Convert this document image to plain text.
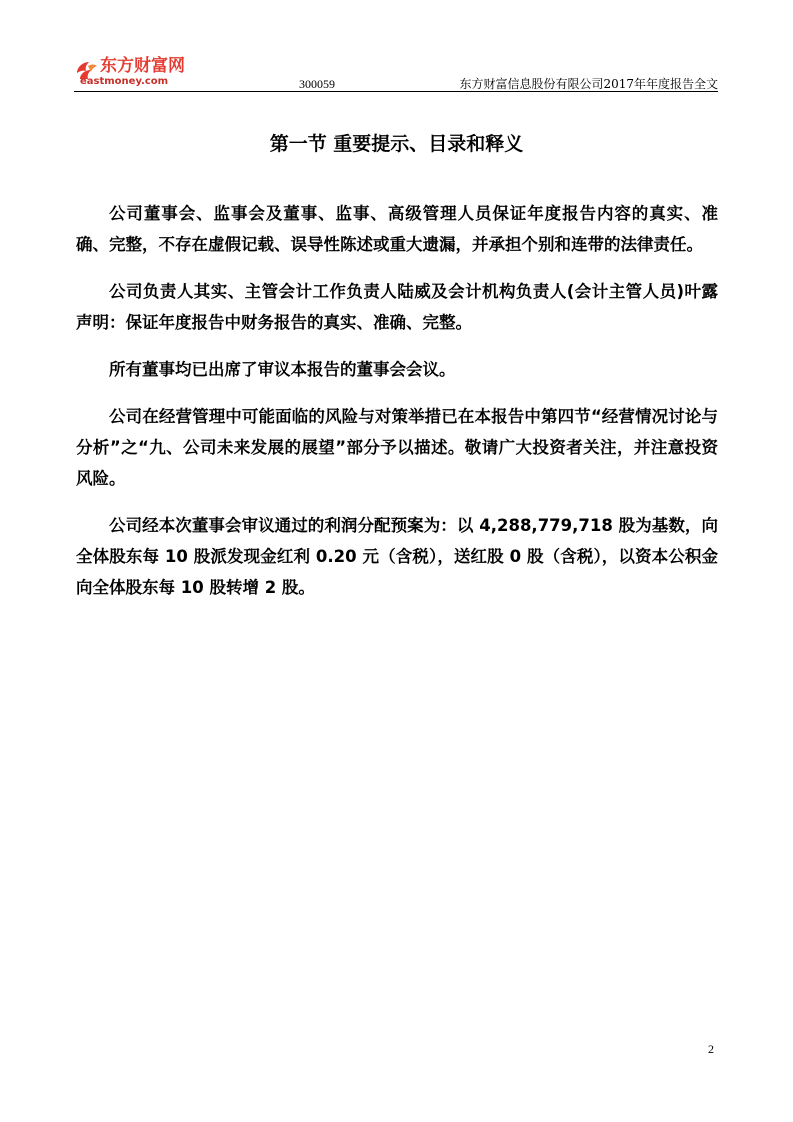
东方财富网
eastmoney.com	300059	东方财富信息股份有限公司2017年年度报告全文
第一节 重要提示、目录和释义

公司董事会、监事会及董事、监事、高级管理人员保证年度报告内容的真实、准确、完整，不存在虚假记载、误导性陈述或重大遗漏，并承担个别和连带的法律责任。

公司负责人其实、主管会计工作负责人陆威及会计机构负责人(会计主管人员)叶露声明：保证年度报告中财务报告的真实、准确、完整。

所有董事均已出席了审议本报告的董事会会议。

公司在经营管理中可能面临的风险与对策举措已在本报告中第四节“经营情况讨论与分析”之“九、公司未来发展的展望”部分予以描述。敬请广大投资者关注，并注意投资风险。

公司经本次董事会审议通过的利润分配预案为：以 4,288,779,718 股为基数，向全体股东每 10 股派发现金红利 0.20 元（含税），送红股 0 股（含税），以资本公积金向全体股东每 10 股转增 2 股。

2
